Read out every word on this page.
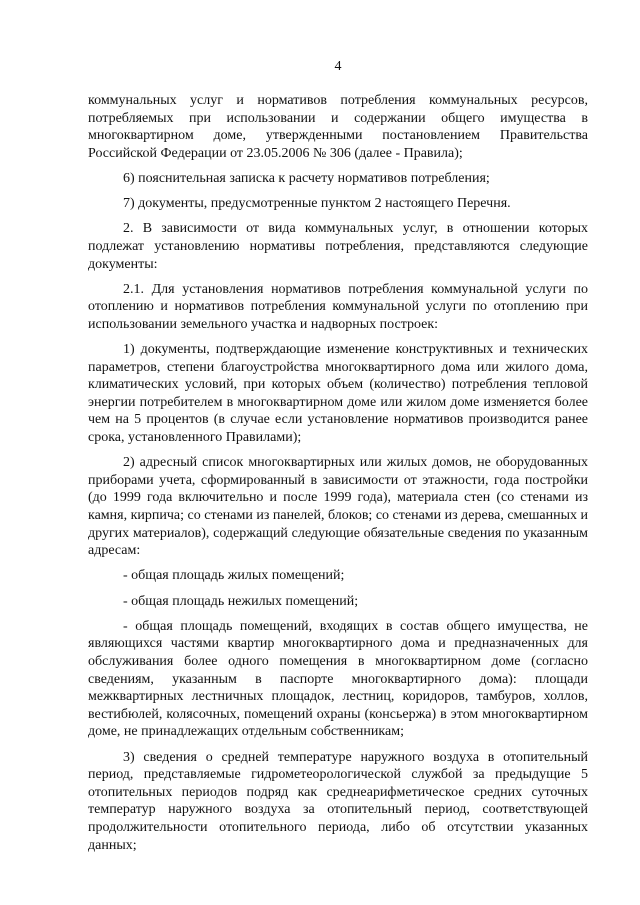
4

коммунальных услуг и нормативов потребления коммунальных ресурсов, потребляемых при использовании и содержании общего имущества в многоквартирном доме, утвержденными постановлением Правительства Российской Федерации от 23.05.2006 № 306 (далее - Правила);

6) пояснительная записка к расчету нормативов потребления;

7) документы, предусмотренные пунктом 2 настоящего Перечня.

2. В зависимости от вида коммунальных услуг, в отношении которых подлежат установлению нормативы потребления, представляются следующие документы:

2.1. Для установления нормативов потребления коммунальной услуги по отоплению и нормативов потребления коммунальной услуги по отоплению при использовании земельного участка и надворных построек:

1) документы, подтверждающие изменение конструктивных и технических параметров, степени благоустройства многоквартирного дома или жилого дома, климатических условий, при которых объем (количество) потребления тепловой энергии потребителем в многоквартирном доме или жилом доме изменяется более чем на 5 процентов (в случае если установление нормативов производится ранее срока, установленного Правилами);

2) адресный список многоквартирных или жилых домов, не оборудованных приборами учета, сформированный в зависимости от этажности, года постройки (до 1999 года включительно и после 1999 года), материала стен (со стенами из камня, кирпича; со стенами из панелей, блоков; со стенами из дерева, смешанных и других материалов), содержащий следующие обязательные сведения по указанным адресам:

- общая площадь жилых помещений;

- общая площадь нежилых помещений;

- общая площадь помещений, входящих в состав общего имущества, не являющихся частями квартир многоквартирного дома и предназначенных для обслуживания более одного помещения в многоквартирном доме (согласно сведениям, указанным в паспорте многоквартирного дома): площади межквартирных лестничных площадок, лестниц, коридоров, тамбуров, холлов, вестибюлей, колясочных, помещений охраны (консьержа) в этом многоквартирном доме, не принадлежащих отдельным собственникам;

3) сведения о средней температуре наружного воздуха в отопительный период, представляемые гидрометеорологической службой за предыдущие 5 отопительных периодов подряд как среднеарифметическое средних суточных температур наружного воздуха за отопительный период, соответствующей продолжительности отопительного периода, либо об отсутствии указанных данных;
